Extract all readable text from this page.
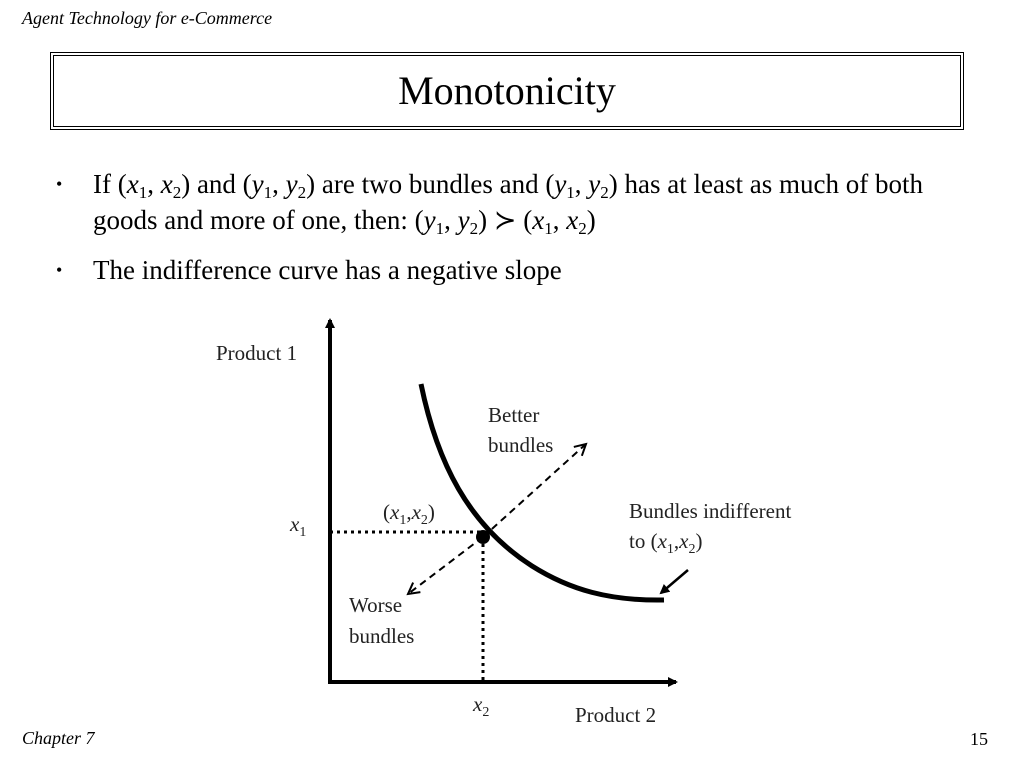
Agent Technology for e-Commerce
Monotonicity
• If ($x_1$, $x_2$) and ($y_1$, $y_2$) are two bundles and ($y_1$, $y_2$) has at least as much of both goods and more of one, then: ($y_1$, $y_2$) ≻ ($x_1$, $x_2$)
• The indifference curve has a negative slope
Product 1
Product 2
$x_1$
$x_2$
$(x_1,x_2)$
Better
bundles
Worse
bundles
Bundles indifferent
to $(x_1,x_2)$
Chapter 7	15
